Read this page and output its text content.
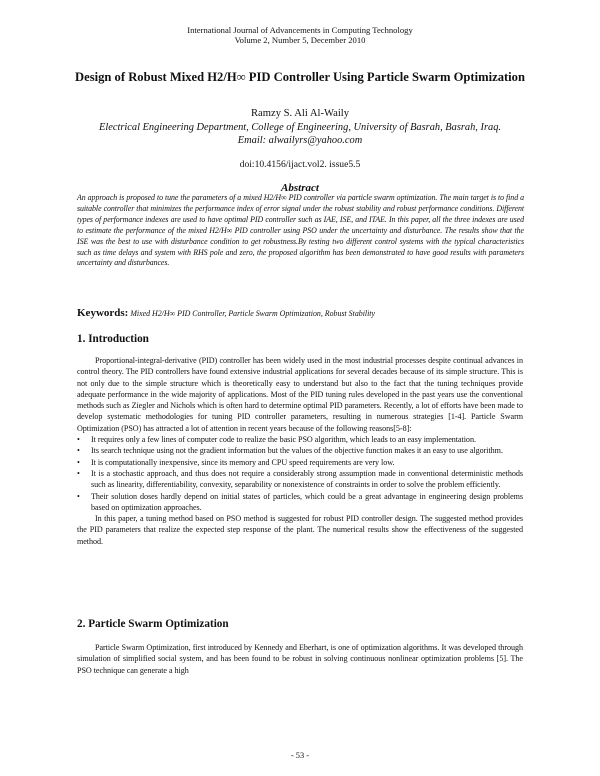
International Journal of Advancements in Computing Technology
Volume 2, Number 5, December 2010
Design of Robust Mixed H2/H∞ PID Controller Using Particle Swarm Optimization
Ramzy S. Ali Al-Waily
Electrical Engineering Department, College of Engineering, University of Basrah, Basrah, Iraq.
Email: alwailyrs@yahoo.com
doi:10.4156/ijact.vol2. issue5.5
Abstract
An approach is proposed to tune the parameters of a mixed H2/H∞ PID controller via particle swarm optimization. The main target is to find a suitable controller that minimizes the performance index of error signal under the robust stability and robust performance conditions. Different types of performance indexes are used to have optimal PID controller such as IAE, ISE, and ITAE. In this paper, all the three indexes are used to estimate the performance of the mixed H2/H∞ PID controller using PSO under the uncertainty and disturbance. The results show that the ISE was the best to use with disturbance condition to get robustness.By testing two different control systems with the typical characteristics such as time delays and system with RHS pole and zero, the proposed algorithm has been demonstrated to have good results with parameters uncertainty and disturbances.
Keywords: Mixed H2/H∞ PID Controller, Particle Swarm Optimization, Robust Stability
1. Introduction

Proportional-integral-derivative (PID) controller has been widely used in the most industrial processes despite continual advances in control theory. The PID controllers have found extensive industrial applications for several decades because of its simple structure. This is not only due to the simple structure which is theoretically easy to understand but also to the fact that the tuning techniques provide adequate performance in the wide majority of applications. Most of the PID tuning rules developed in the past years use the conventional methods such as Ziegler and Nichols which is often hard to determine optimal PID parameters. Recently, a lot of efforts have been made to develop systematic methodologies for tuning PID controller parameters, resulting in numerous strategies [1-4]. Particle Swarm Optimization (PSO) has attracted a lot of attention in recent years because of the following reasons[5-8]:

• It requires only a few lines of computer code to realize the basic PSO algorithm, which leads to an easy implementation.
• Its search technique using not the gradient information but the values of the objective function makes it an easy to use algorithm.
• It is computationally inexpensive, since its memory and CPU speed requirements are very low.
• It is a stochastic approach, and thus does not require a considerably strong assumption made in conventional deterministic methods such as linearity, differentiability, convexity, separability or nonexistence of constraints in order to solve the problem efficiently.
• Their solution doses hardly depend on initial states of particles, which could be a great advantage in engineering design problems based on optimization approaches.

In this paper, a tuning method based on PSO method is suggested for robust PID controller design. The suggested method provides the PID parameters that realize the expected step response of the plant. The numerical results show the effectiveness of the suggested method.

2. Particle Swarm Optimization

Particle Swarm Optimization, first introduced by Kennedy and Eberhart, is one of optimization algorithms. It was developed through simulation of simplified social system, and has been found to be robust in solving continuous nonlinear optimization problems [5]. The PSO technique can generate a high

- 53 -
